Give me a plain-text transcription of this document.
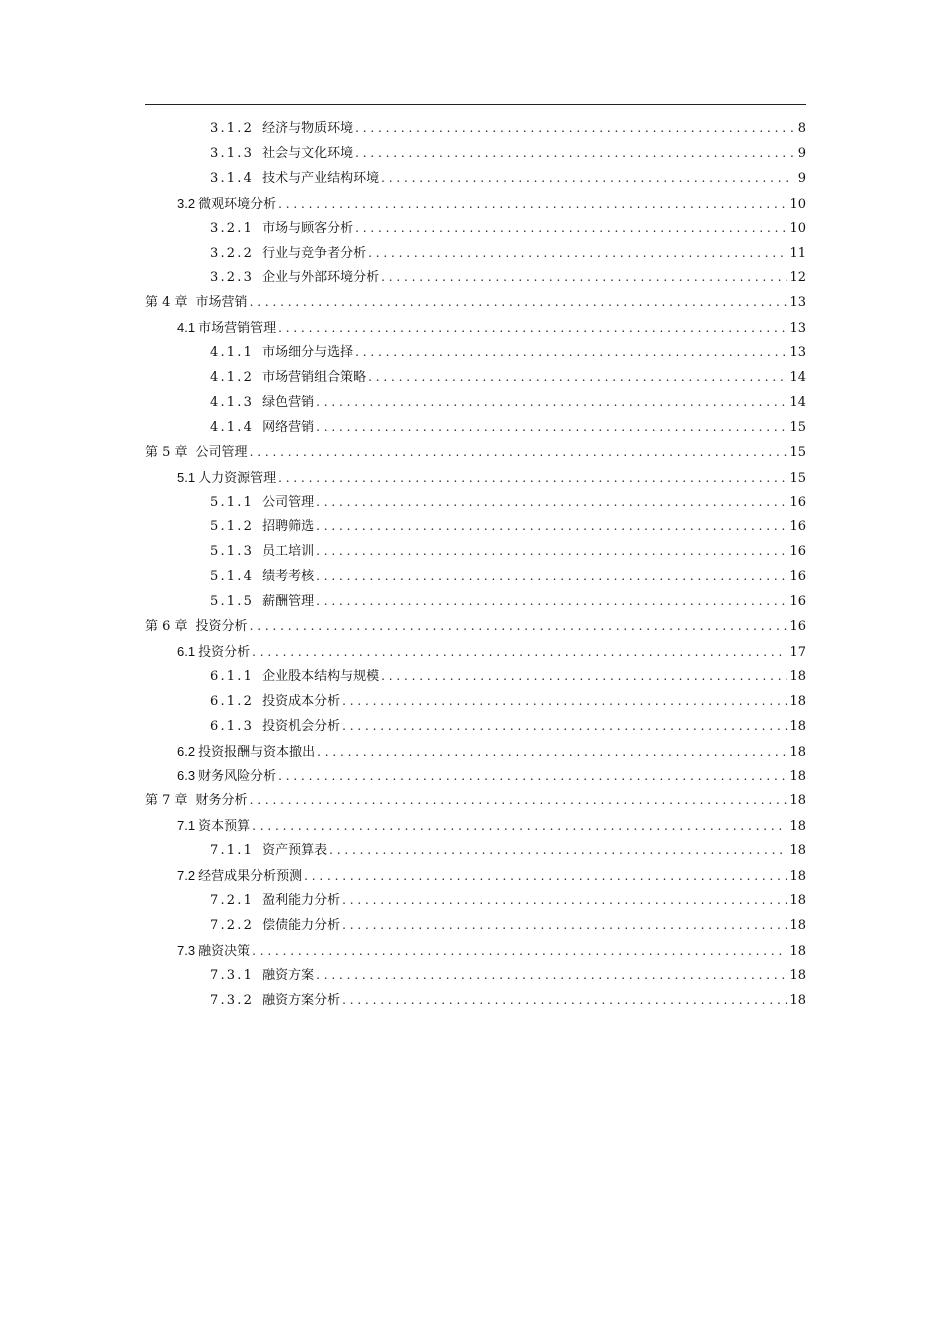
3.1.2 经济与物质环境 . . .	8
3.1.3 社会与文化环境 . . .	9
3.1.4 技术与产业结构环境 . . .	9
3.2 微观环境分析 . . .	10
3.2.1 市场与顾客分析 . . .	10
3.2.2 行业与竞争者分析 . . .	11
3.2.3 企业与外部环境分析 . . .	12
第 4 章 市场营销 . . .	13
4.1 市场营销管理 . . .	13
4.1.1 市场细分与选择 . . .	13
4.1.2 市场营销组合策略 . . .	14
4.1.3 绿色营销 . . .	14
4.1.4 网络营销 . . .	15
第 5 章 公司管理 . . .	15
5.1 人力资源管理 . . .	15
5.1.1 公司管理 . . .	16
5.1.2 招聘筛选 . . .	16
5.1.3 员工培训 . . .	16
5.1.4 绩考考核 . . .	16
5.1.5 薪酬管理 . . .	16
第 6 章 投资分析 . . .	16
6.1 投资分析 . . .	17
6.1.1 企业股本结构与规模 . . .	18
6.1.2 投资成本分析 . . .	18
6.1.3 投资机会分析 . . .	18
6.2 投资报酬与资本撤出 . . .	18
6.3 财务风险分析 . . .	18
第 7 章 财务分析 . . .	18
7.1 资本预算 . . .	18
7.1.1 资产预算表 . . .	18
7.2 经营成果分析预测 . . .	18
7.2.1 盈利能力分析 . . .	18
7.2.2 偿债能力分析 . . .	18
7.3 融资决策 . . .	18
7.3.1 融资方案 . . .	18
7.3.2 融资方案分析 . . .	18
